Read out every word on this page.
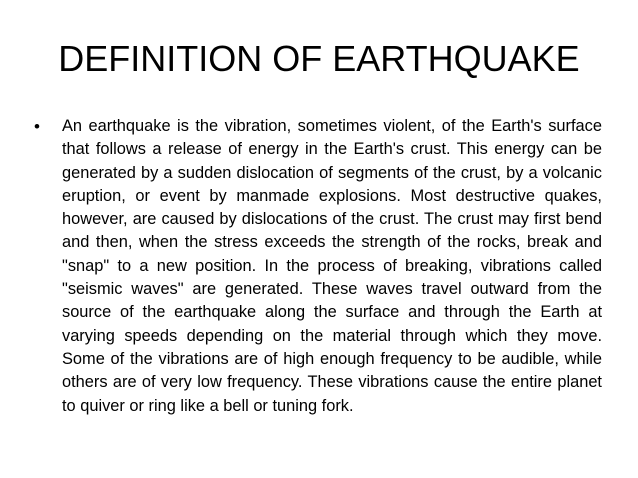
DEFINITION OF EARTHQUAKE
• An earthquake is the vibration, sometimes violent, of the Earth's surface that follows a release of energy in the Earth's crust. This energy can be generated by a sudden dislocation of segments of the crust, by a volcanic eruption, or event by manmade explosions. Most destructive quakes, however, are caused by dislocations of the crust. The crust may first bend and then, when the stress exceeds the strength of the rocks, break and "snap" to a new position. In the process of breaking, vibrations called "seismic waves" are generated. These waves travel outward from the source of the earthquake along the surface and through the Earth at varying speeds depending on the material through which they move. Some of the vibrations are of high enough frequency to be audible, while others are of very low frequency. These vibrations cause the entire planet to quiver or ring like a bell or tuning fork.
